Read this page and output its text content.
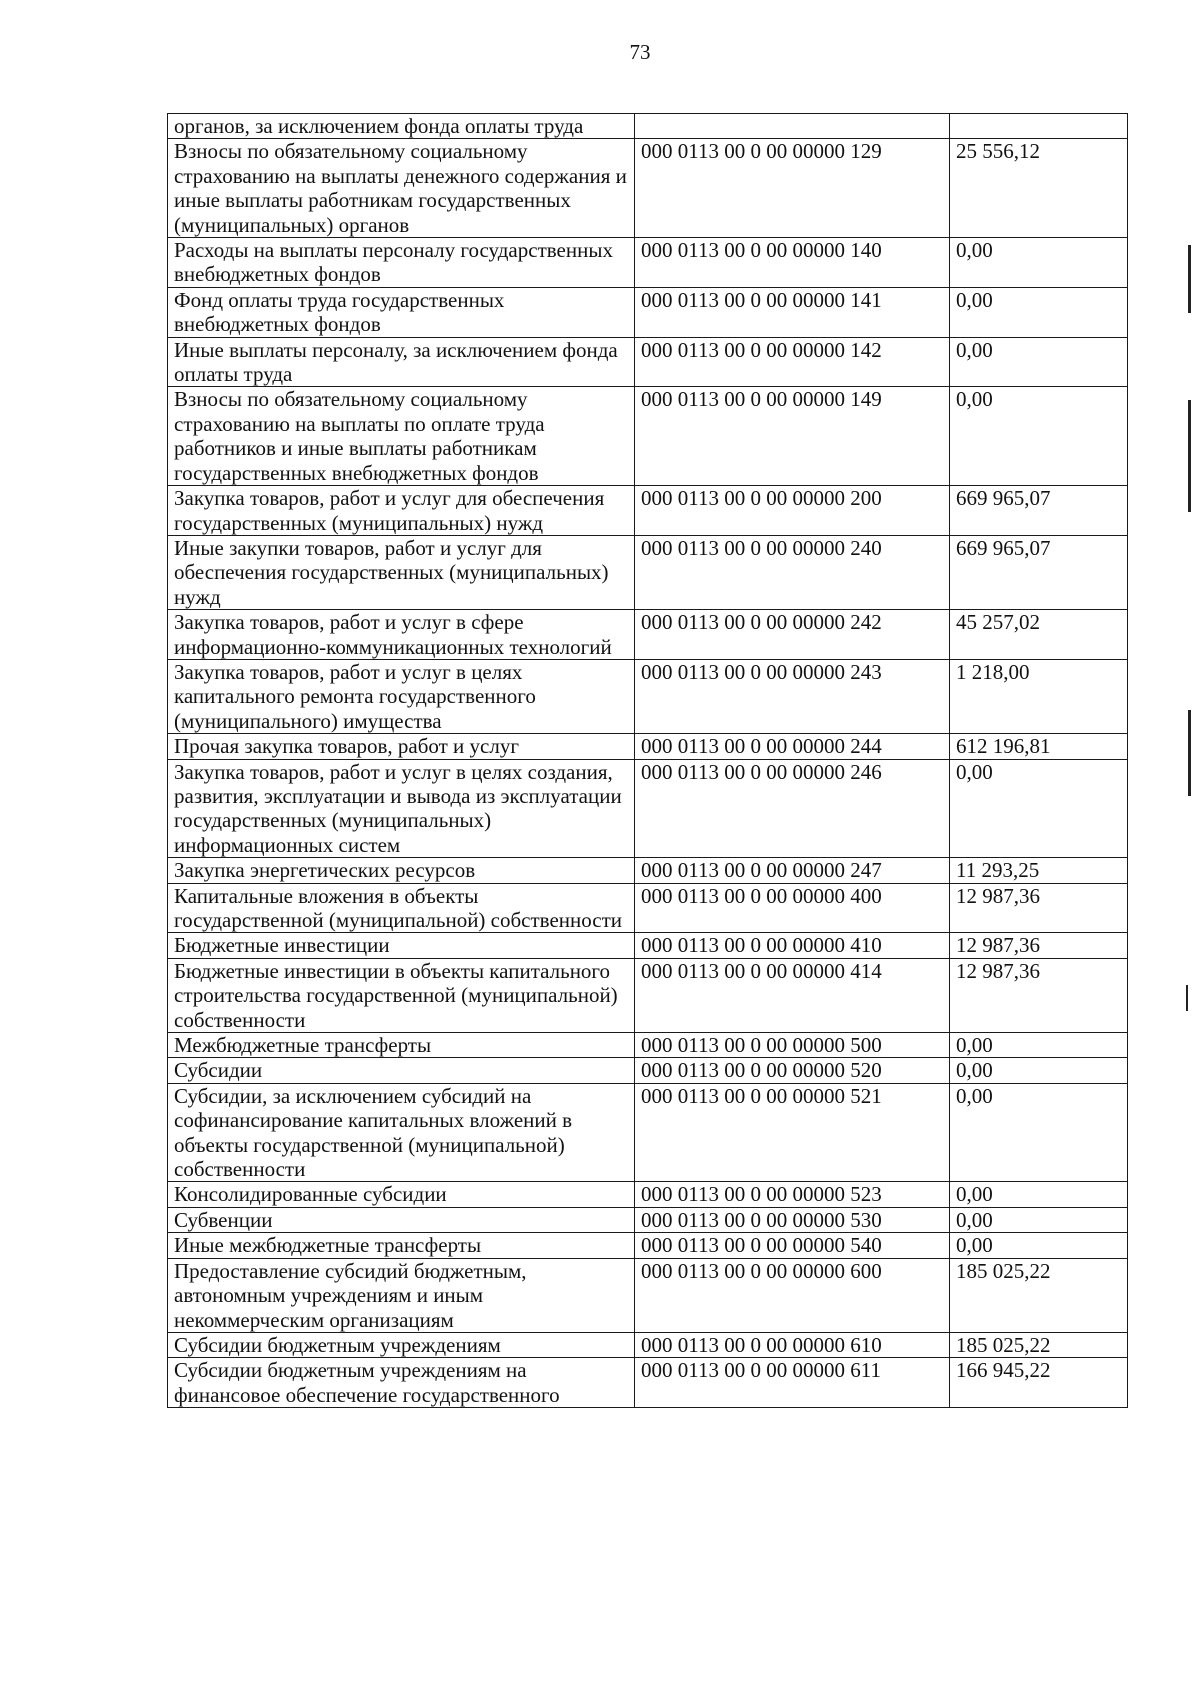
73
органов, за исключением фонда оплаты труда		
Взносы по обязательному социальному страхованию на выплаты денежного содержания и иные выплаты работникам государственных (муниципальных) органов	000 0113 00 0 00 00000 129	25 556,12
Расходы на выплаты персоналу государственных внебюджетных фондов	000 0113 00 0 00 00000 140	0,00
Фонд оплаты труда государственных внебюджетных фондов	000 0113 00 0 00 00000 141	0,00
Иные выплаты персоналу, за исключением фонда оплаты труда	000 0113 00 0 00 00000 142	0,00
Взносы по обязательному социальному страхованию на выплаты по оплате труда работников и иные выплаты работникам государственных внебюджетных фондов	000 0113 00 0 00 00000 149	0,00
Закупка товаров, работ и услуг для обеспечения государственных (муниципальных) нужд	000 0113 00 0 00 00000 200	669 965,07
Иные закупки товаров, работ и услуг для обеспечения государственных (муниципальных) нужд	000 0113 00 0 00 00000 240	669 965,07
Закупка товаров, работ и услуг в сфере информационно-коммуникационных технологий	000 0113 00 0 00 00000 242	45 257,02
Закупка товаров, работ и услуг в целях капитального ремонта государственного (муниципального) имущества	000 0113 00 0 00 00000 243	1 218,00
Прочая закупка товаров, работ и услуг	000 0113 00 0 00 00000 244	612 196,81
Закупка товаров, работ и услуг в целях создания, развития, эксплуатации и вывода из эксплуатации государственных (муниципальных) информационных систем	000 0113 00 0 00 00000 246	0,00
Закупка энергетических ресурсов	000 0113 00 0 00 00000 247	11 293,25
Капитальные вложения в объекты государственной (муниципальной) собственности	000 0113 00 0 00 00000 400	12 987,36
Бюджетные инвестиции	000 0113 00 0 00 00000 410	12 987,36
Бюджетные инвестиции в объекты капитального строительства государственной (муниципальной) собственности	000 0113 00 0 00 00000 414	12 987,36
Межбюджетные трансферты	000 0113 00 0 00 00000 500	0,00
Субсидии	000 0113 00 0 00 00000 520	0,00
Субсидии, за исключением субсидий на софинансирование капитальных вложений в объекты государственной (муниципальной) собственности	000 0113 00 0 00 00000 521	0,00
Консолидированные субсидии	000 0113 00 0 00 00000 523	0,00
Субвенции	000 0113 00 0 00 00000 530	0,00
Иные межбюджетные трансферты	000 0113 00 0 00 00000 540	0,00
Предоставление субсидий бюджетным, автономным учреждениям и иным некоммерческим организациям	000 0113 00 0 00 00000 600	185 025,22
Субсидии бюджетным учреждениям	000 0113 00 0 00 00000 610	185 025,22
Субсидии бюджетным учреждениям на финансовое обеспечение государственного	000 0113 00 0 00 00000 611	166 945,22
